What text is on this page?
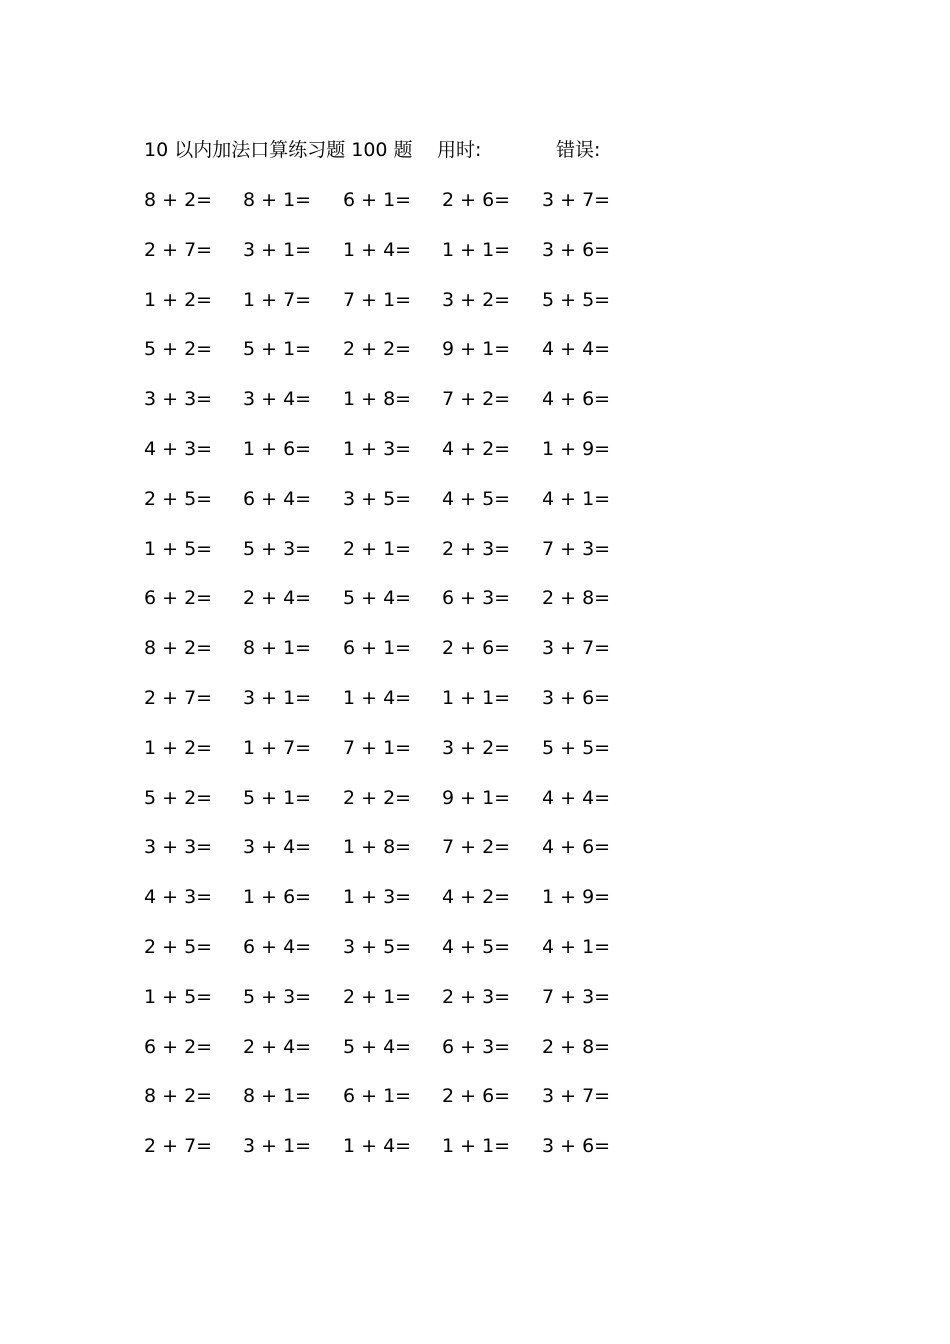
10 以内加法口算练习题 100 题 用时:	错误:
8 + 2= 8 + 1= 6 + 1= 2 + 6= 3 + 7=
2 + 7= 3 + 1= 1 + 4= 1 + 1= 3 + 6=
1 + 2= 1 + 7= 7 + 1= 3 + 2= 5 + 5=
5 + 2= 5 + 1= 2 + 2= 9 + 1= 4 + 4=
3 + 3= 3 + 4= 1 + 8= 7 + 2= 4 + 6=
4 + 3= 1 + 6= 1 + 3= 4 + 2= 1 + 9=
2 + 5= 6 + 4= 3 + 5= 4 + 5= 4 + 1=
1 + 5= 5 + 3= 2 + 1= 2 + 3= 7 + 3=
6 + 2= 2 + 4= 5 + 4= 6 + 3= 2 + 8=
8 + 2= 8 + 1= 6 + 1= 2 + 6= 3 + 7=
2 + 7= 3 + 1= 1 + 4= 1 + 1= 3 + 6=
1 + 2= 1 + 7= 7 + 1= 3 + 2= 5 + 5=
5 + 2= 5 + 1= 2 + 2= 9 + 1= 4 + 4=
3 + 3= 3 + 4= 1 + 8= 7 + 2= 4 + 6=
4 + 3= 1 + 6= 1 + 3= 4 + 2= 1 + 9=
2 + 5= 6 + 4= 3 + 5= 4 + 5= 4 + 1=
1 + 5= 5 + 3= 2 + 1= 2 + 3= 7 + 3=
6 + 2= 2 + 4= 5 + 4= 6 + 3= 2 + 8=
8 + 2= 8 + 1= 6 + 1= 2 + 6= 3 + 7=
2 + 7= 3 + 1= 1 + 4= 1 + 1= 3 + 6=
